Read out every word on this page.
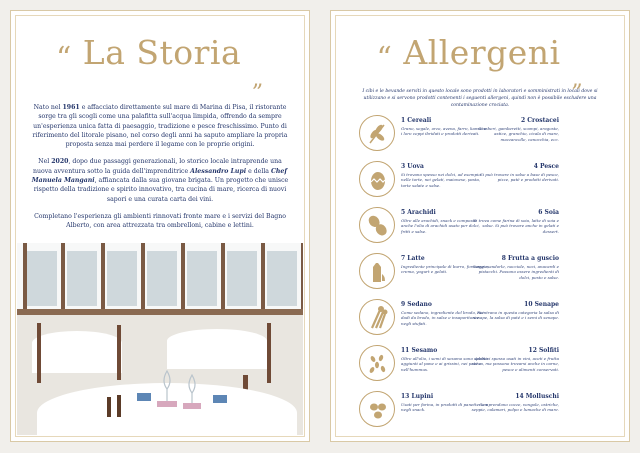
“ La Storia $_„$

Nato nel 1961 e affacciato direttamente sul mare di Marina di Pisa, il ristorante sorge tra gli scogli come una palafitta sull'acqua limpida, offrendo da sempre un'esperienza unica fatta di paesaggio, tradizione e pesce freschissimo. Punto di riferimento del litorale pisano, nel corso degli anni ha saputo ampliare la propria proposta senza mai perdere il legame con le proprie origini.

Nel 2020, dopo due passaggi generazionali, lo storico locale intraprende una nuova avventura sotto la guida dell'imprenditrice Alessandro Lupi e della Chef Manuela Mangani, affiancata dalla sua giovane brigata. Un progetto che unisce rispetto della tradizione e spirito innovativo, tra cucina di mare, ricerca di nuovi sapori e una curata carta dei vini.

Completano l'esperienza gli ambienti rinnovati fronte mare e i servizi del Bagno Alberto, con area attrezzata tra ombrelloni, cabine e lettini.

“ Allergeni $_„$
I cibi e le bevande serviti in questo locale sono prodotti in laboratori e somministrati in locali dove si utilizzano e si servono prodotti contenenti i seguenti allergeni, quindi non è possibile escludere una contaminazione crociata.
1 Cereali
Grano, segale, orzo, avena, farro, kamut e i loro ceppi ibridati e prodotti derivati.
2 Crostacei
Gamberi, gamberetti, scampi, aragoste, astice, granchio, cicala di mare, mazzancolle, canocchia, ecc.
3 Uova
Si trovano spesso nei dolci, ad esempio nelle torte, nei gelati, maionese, pasta, torte salate e salse.
4 Pesce
Si può trovare in salse a base di pesce, pizze, paté e prodotti derivati.
5 Arachidi
Oltre alle arachidi, snack e composte anche l'olio di arachidi usato per dolci, fritti e salse.
6 Soia
Si trova come farina di soia, latte di soia e salse. Si può trovare anche in gelati e dessert.
7 Latte
Ingrediente principale di burro, formaggio, crema, yogurt e gelati.
8 Frutta a guscio
Come mandorle, nocciole, noci, anacardi e pistacchi. Possono essere ingredienti di dolci, pesto e salse.
9 Sedano
Come sedano, ingrediente del brodo, nei dadi da brodo, in salse e insaporitori e negli stufati.
10 Senape
Rientrano in questa categoria la salsa di senape, la salsa di paté e i semi di senape.
11 Sesamo
Oltre all'olio, i semi di sesamo sono spesso aggiunti al pane e ai grissini, nei paté e nell'hummus.
12 Solfiti
Additivi spesso usati in vini, aceti e frutta secca, ma possono trovarsi anche in carne, pesce e alimenti conservati.
13 Lupini
Usati per farina, in prodotti di panetteria e negli snack.
14 Molluschi
Comprendono cozze, vongole, ostriche, seppie, calamari, polpo e lumache di mare.
